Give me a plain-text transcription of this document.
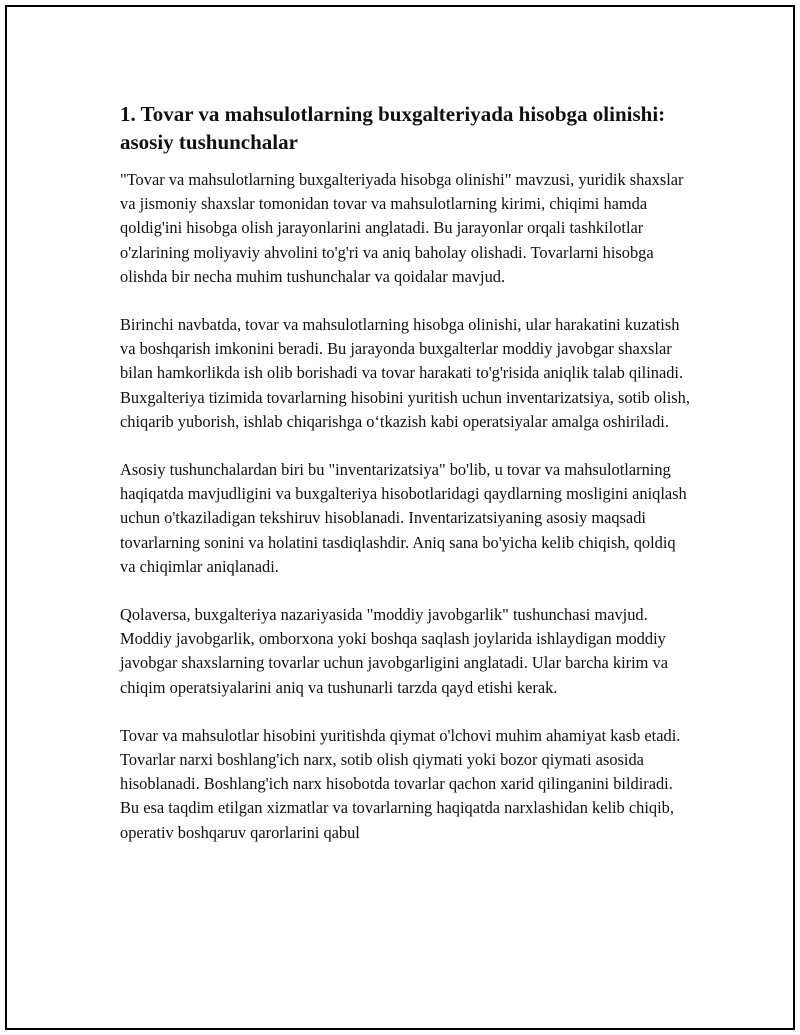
1. Tovar va mahsulotlarning buxgalteriyada hisobga olinishi: asosiy tushunchalar

"Tovar va mahsulotlarning buxgalteriyada hisobga olinishi" mavzusi, yuridik shaxslar va jismoniy shaxslar tomonidan tovar va mahsulotlarning kirimi, chiqimi hamda qoldig'ini hisobga olish jarayonlarini anglatadi. Bu jarayonlar orqali tashkilotlar o'zlarining moliyaviy ahvolini to'g'ri va aniq baholay olishadi. Tovarlarni hisobga olishda bir necha muhim tushunchalar va qoidalar mavjud.

Birinchi navbatda, tovar va mahsulotlarning hisobga olinishi, ular harakatini kuzatish va boshqarish imkonini beradi. Bu jarayonda buxgalterlar moddiy javobgar shaxslar bilan hamkorlikda ish olib borishadi va tovar harakati to'g'risida aniqlik talab qilinadi. Buxgalteriya tizimida tovarlarning hisobini yuritish uchun inventarizatsiya, sotib olish, chiqarib yuborish, ishlab chiqarishga o‘tkazish kabi operatsiyalar amalga oshiriladi.

Asosiy tushunchalardan biri bu "inventarizatsiya" bo'lib, u tovar va mahsulotlarning haqiqatda mavjudligini va buxgalteriya hisobotlaridagi qaydlarning mosligini aniqlash uchun o'tkaziladigan tekshiruv hisoblanadi. Inventarizatsiyaning asosiy maqsadi tovarlarning sonini va holatini tasdiqlashdir. Aniq sana bo'yicha kelib chiqish, qoldiq va chiqimlar aniqlanadi.

Qolaversa, buxgalteriya nazariyasida "moddiy javobgarlik" tushunchasi mavjud. Moddiy javobgarlik, omborxona yoki boshqa saqlash joylarida ishlaydigan moddiy javobgar shaxslarning tovarlar uchun javobgarligini anglatadi. Ular barcha kirim va chiqim operatsiyalarini aniq va tushunarli tarzda qayd etishi kerak.

Tovar va mahsulotlar hisobini yuritishda qiymat o'lchovi muhim ahamiyat kasb etadi. Tovarlar narxi boshlang'ich narx, sotib olish qiymati yoki bozor qiymati asosida hisoblanadi. Boshlang'ich narx hisobotda tovarlar qachon xarid qilinganini bildiradi. Bu esa taqdim etilgan xizmatlar va tovarlarning haqiqatda narxlashidan kelib chiqib, operativ boshqaruv qarorlarini qabul
